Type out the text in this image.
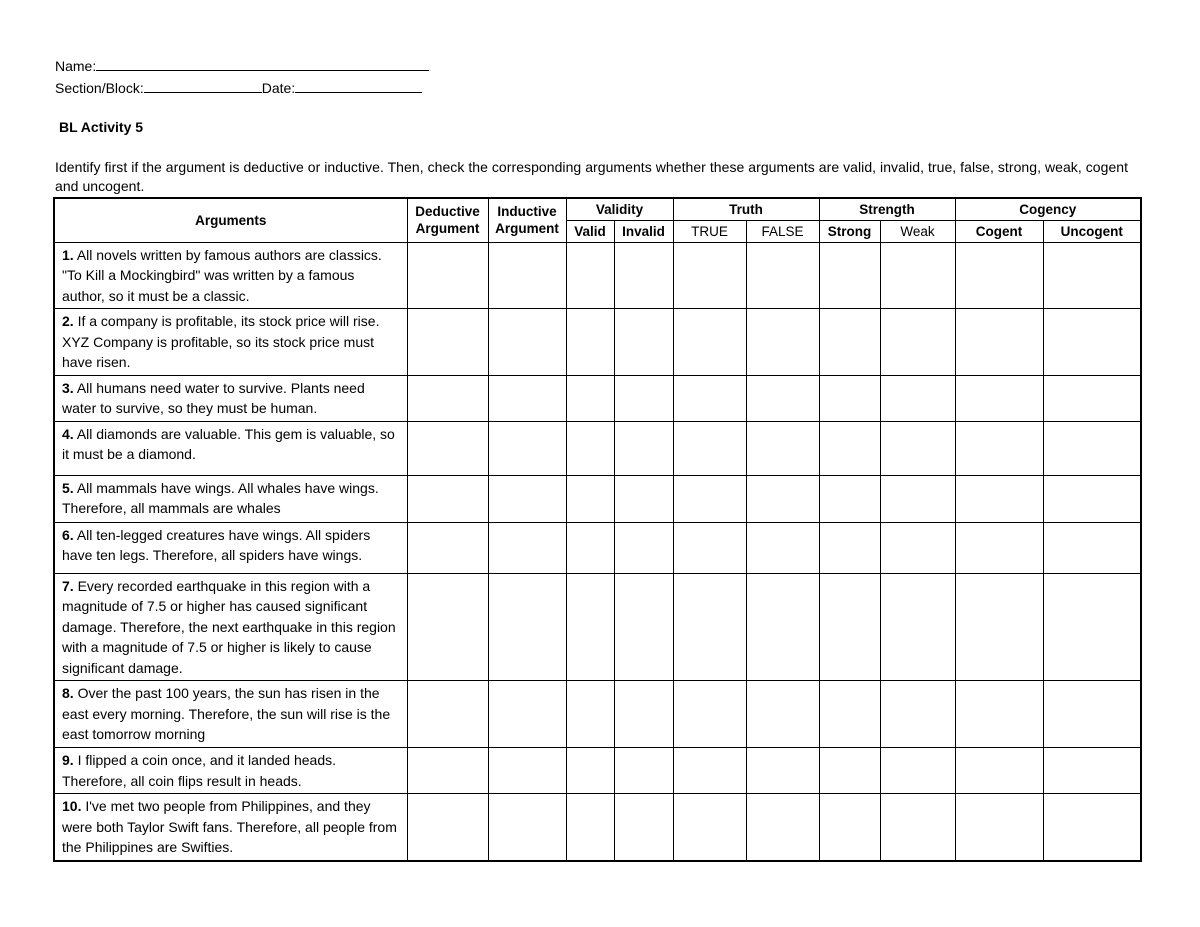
Name:
Section/Block:	Date:
BL Activity 5
Identify first if the argument is deductive or inductive. Then, check the corresponding arguments whether these arguments are valid, invalid, true, false, strong, weak, cogent and uncogent.
Arguments	Deductive Argument	Inductive Argument	Validity		Truth		Strength		Cogency	
			Valid	Invalid	TRUE	FALSE	Strong	Weak	Cogent	Uncogent
1. All novels written by famous authors are classics. "To Kill a Mockingbird" was written by a famous author, so it must be a classic.										
2. If a company is profitable, its stock price will rise. XYZ Company is profitable, so its stock price must have risen.										
3. All humans need water to survive. Plants need water to survive, so they must be human.										
4. All diamonds are valuable. This gem is valuable, so it must be a diamond.										
5. All mammals have wings. All whales have wings. Therefore, all mammals are whales										
6. All ten-legged creatures have wings. All spiders have ten legs. Therefore, all spiders have wings.										
7. Every recorded earthquake in this region with a magnitude of 7.5 or higher has caused significant damage. Therefore, the next earthquake in this region with a magnitude of 7.5 or higher is likely to cause significant damage.										
8. Over the past 100 years, the sun has risen in the east every morning. Therefore, the sun will rise is the east tomorrow morning										
9. I flipped a coin once, and it landed heads. Therefore, all coin flips result in heads.										
10. I've met two people from Philippines, and they were both Taylor Swift fans. Therefore, all people from the Philippines are Swifties.										
